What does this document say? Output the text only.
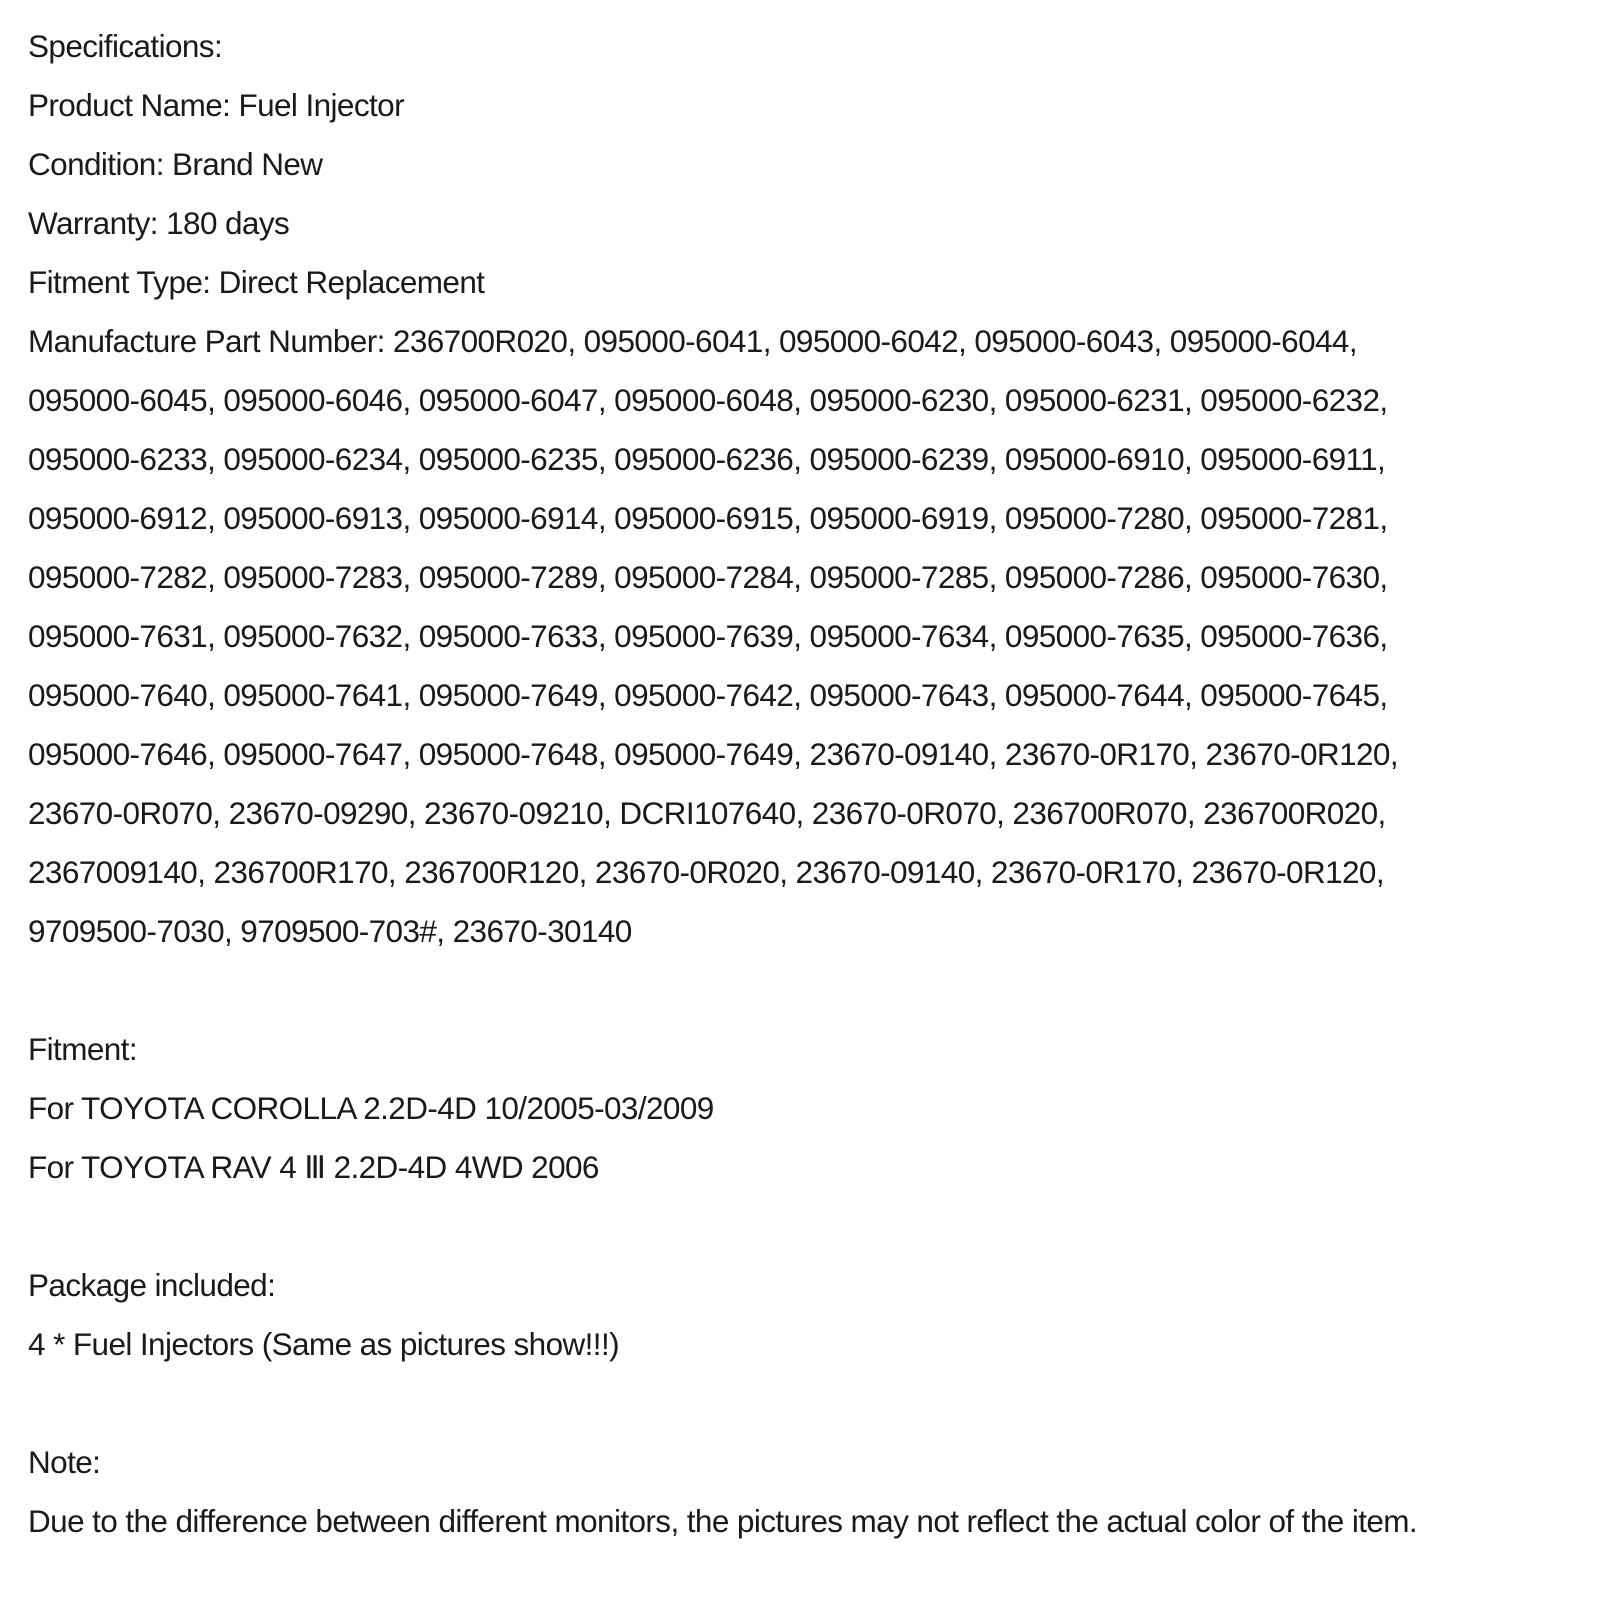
Specifications:
Product Name: Fuel Injector
Condition: Brand New
Warranty: 180 days
Fitment Type: Direct Replacement
Manufacture Part Number: 236700R020, 095000-6041, 095000-6042, 095000-6043, 095000-6044,
095000-6045, 095000-6046, 095000-6047, 095000-6048, 095000-6230, 095000-6231, 095000-6232,
095000-6233, 095000-6234, 095000-6235, 095000-6236, 095000-6239, 095000-6910, 095000-6911,
095000-6912, 095000-6913, 095000-6914, 095000-6915, 095000-6919, 095000-7280, 095000-7281,
095000-7282, 095000-7283, 095000-7289, 095000-7284, 095000-7285, 095000-7286, 095000-7630,
095000-7631, 095000-7632, 095000-7633, 095000-7639, 095000-7634, 095000-7635, 095000-7636,
095000-7640, 095000-7641, 095000-7649, 095000-7642, 095000-7643, 095000-7644, 095000-7645,
095000-7646, 095000-7647, 095000-7648, 095000-7649, 23670-09140, 23670-0R170, 23670-0R120,
23670-0R070, 23670-09290, 23670-09210, DCRI107640, 23670-0R070, 236700R070, 236700R020,
2367009140, 236700R170, 236700R120, 23670-0R020, 23670-09140, 23670-0R170, 23670-0R120,
9709500-7030, 9709500-703#, 23670-30140
Fitment:
For TOYOTA COROLLA 2.2D-4D 10/2005-03/2009
For TOYOTA RAV 4 Ⅲ 2.2D-4D 4WD 2006
Package included:
4 * Fuel Injectors (Same as pictures show!!!)
Note:
Due to the difference between different monitors, the pictures may not reflect the actual color of the item.
